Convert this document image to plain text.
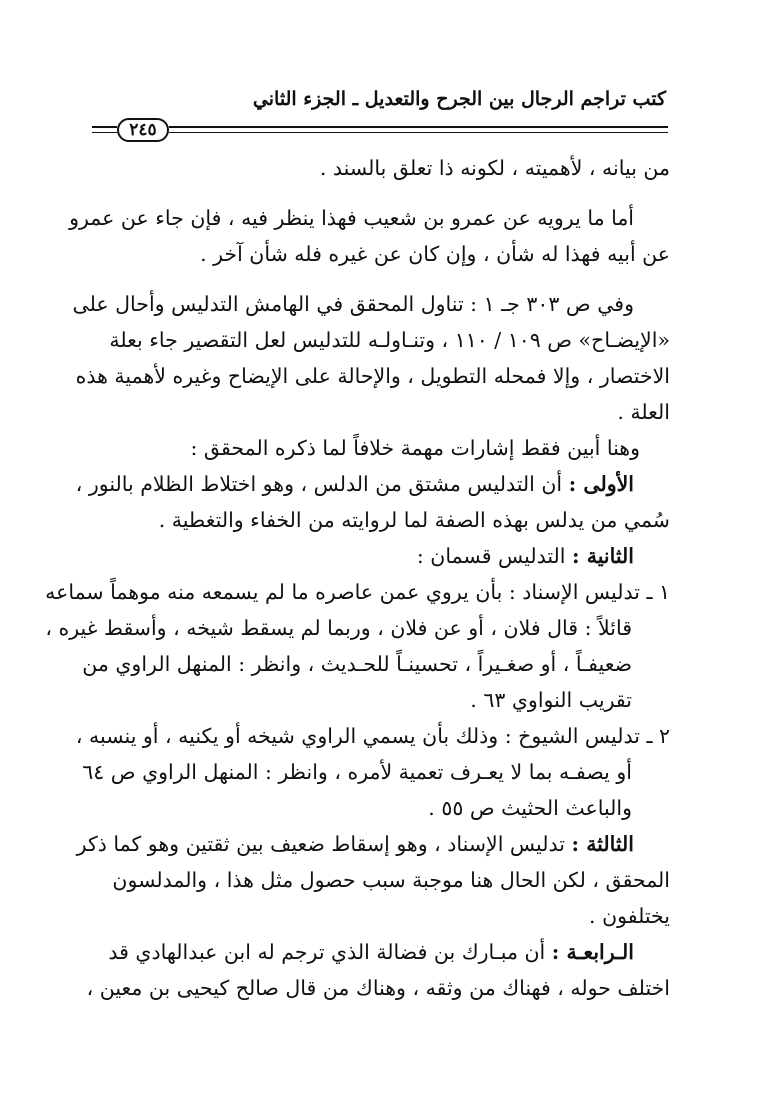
كتب تراجم الرجال بين الجرح والتعديل ـ الجزء الثاني
٢٤٥
من بيانه ، لأهميته ، لكونه ذا تعلق بالسند .
أما ما يرويه عن عمرو بن شعيب فهذا ينظر فيه ، فإن جاء عن عمرو
عن أبيه فهذا له شأن ، وإن كان عن غيره فله شأن آخر .
وفي ص ٣٠٣ جـ ١ : تناول المحقق في الهامش التدليس وأحال على
«الإيضـاح» ص ١٠٩ / ١١٠ ، وتنـاولـه للتدليس لعل التقصير جاء بعلة
الاختصار ، وإلا فمحله التطويل ، والإحالة على الإيضاح وغيره لأهمية هذه
العلة .
وهنا أبين فقط إشارات مهمة خلافاً لما ذكره المحقق :
الأولى : أن التدليس مشتق من الدلس ، وهو اختلاط الظلام بالنور ،
سُمي من يدلس بهذه الصفة لما لروايته من الخفاء والتغطية .
الثانية : التدليس قسمان :
١ ـ تدليس الإسناد : بأن يروي عمن عاصره ما لم يسمعه منه موهماً سماعه
قائلاً : قال فلان ، أو عن فلان ، وربما لم يسقط شيخه ، وأسقط غيره ،
ضعيفـاً ، أو صغـيراً ، تحسينـاً للحـديث ، وانظر : المنهل الراوي من
تقريب النواوي ٦٣ .
٢ ـ تدليس الشيوخ : وذلك بأن يسمي الراوي شيخه أو يكنيه ، أو ينسبه ،
أو يصفـه بما لا يعـرف تعمية لأمره ، وانظر : المنهل الراوي ص ٦٤
والباعث الحثيث ص ٥٥ .
الثالثة : تدليس الإسناد ، وهو إسقاط ضعيف بين ثقتين وهو كما ذكر
المحقق ، لكن الحال هنا موجبة سبب حصول مثل هذا ، والمدلسون
يختلفون .
الـرابعـة : أن مبـارك بن فضالة الذي ترجم له ابن عبدالهادي قد
اختلف حوله ، فهناك من وثقه ، وهناك من قال صالح كيحيى بن معين ،
